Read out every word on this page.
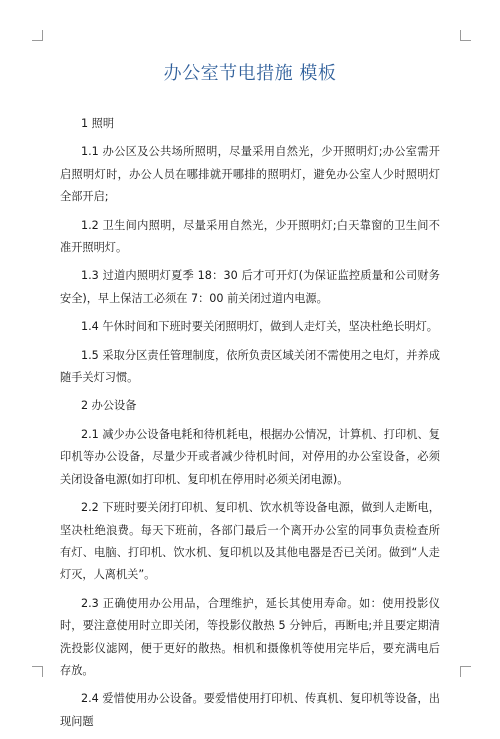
办公室节电措施 模板

1 照明

1.1 办公区及公共场所照明，尽量采用自然光，少开照明灯;办公室需开启照明灯时，办公人员在哪排就开哪排的照明灯，避免办公室人少时照明灯全部开启;

1.2 卫生间内照明，尽量采用自然光，少开照明灯;白天靠窗的卫生间不准开照明灯。

1.3 过道内照明灯夏季 18：30 后才可开灯(为保证监控质量和公司财务安全)，早上保洁工必须在 7：00 前关闭过道内电源。

1.4 午休时间和下班时要关闭照明灯，做到人走灯关，坚决杜绝长明灯。

1.5 采取分区责任管理制度，依所负责区域关闭不需使用之电灯，并养成随手关灯习惯。

2 办公设备

2.1 减少办公设备电耗和待机耗电，根据办公情况，计算机、打印机、复印机等办公设备，尽量少开或者减少待机时间，对停用的办公室设备，必须关闭设备电源(如打印机、复印机在停用时必须关闭电源)。

2.2 下班时要关闭打印机、复印机、饮水机等设备电源，做到人走断电，坚决杜绝浪费。每天下班前，各部门最后一个离开办公室的同事负责检查所有灯、电脑、打印机、饮水机、复印机以及其他电器是否已关闭。做到“人走灯灭，人离机关”。

2.3 正确使用办公用品，合理维护，延长其使用寿命。如：使用投影仪时，要注意使用时立即关闭，等投影仪散热 5 分钟后，再断电;并且要定期清洗投影仪滤网，便于更好的散热。相机和摄像机等使用完毕后，要充满电后存放。

2.4 爱惜使用办公设备。要爱惜使用打印机、传真机、复印机等设备，出现问题
